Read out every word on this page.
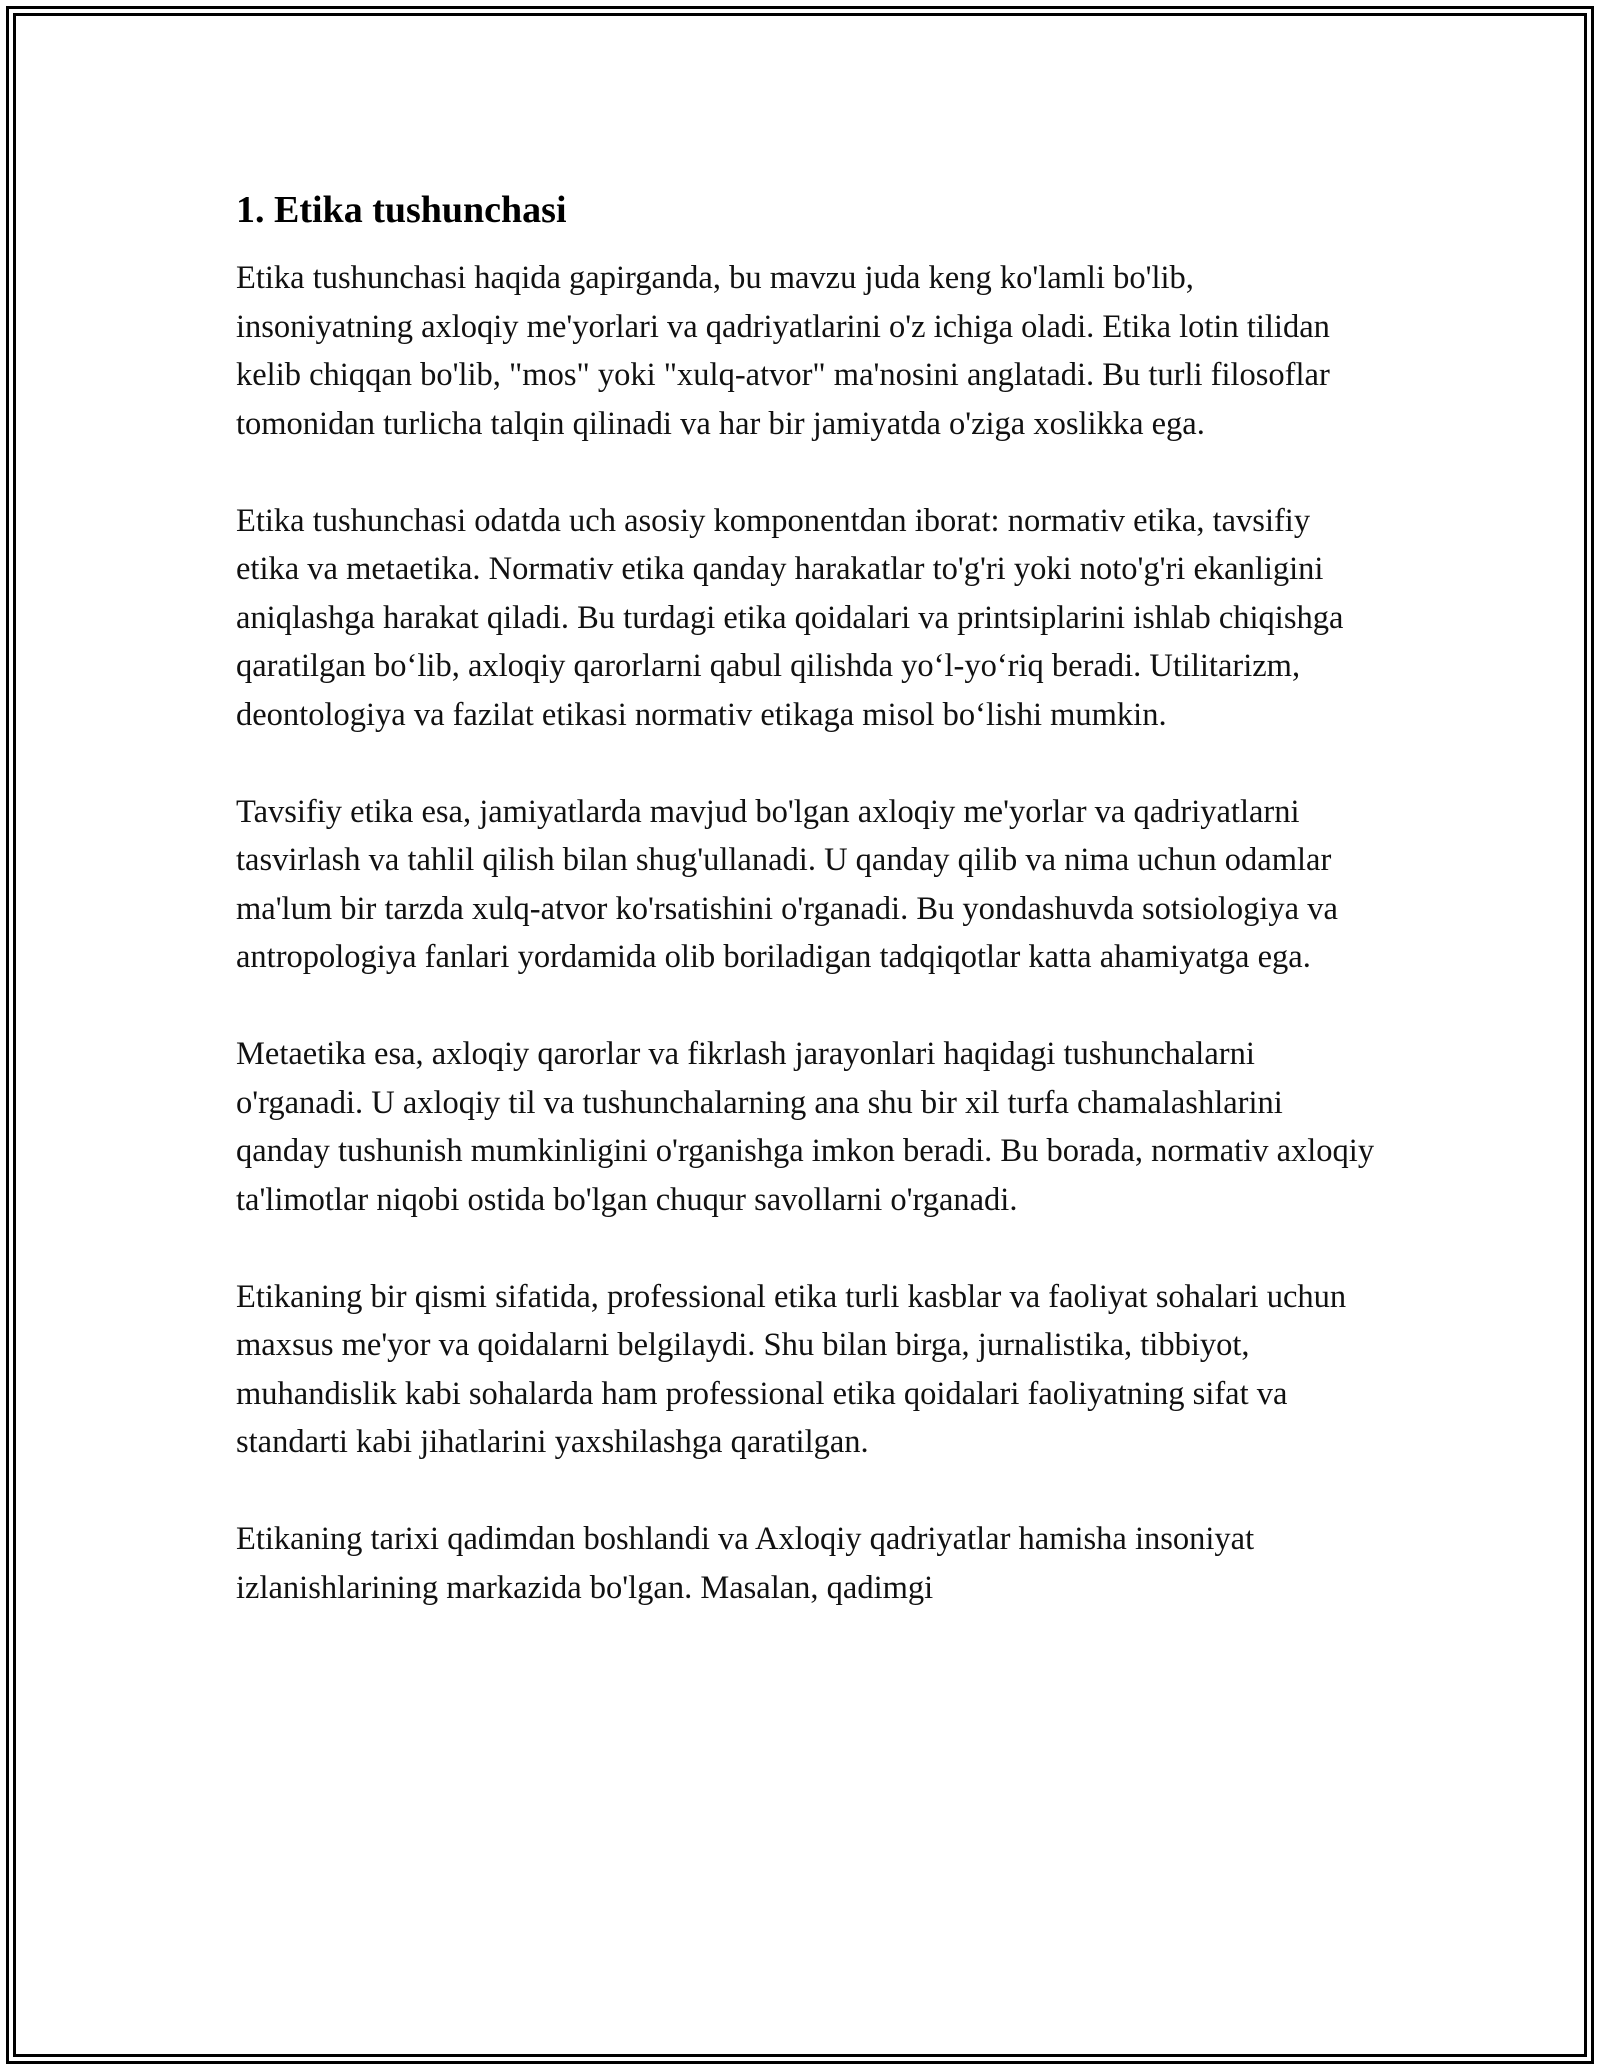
1. Etika tushunchasi

Etika tushunchasi haqida gapirganda, bu mavzu juda keng ko'lamli bo'lib, insoniyatning axloqiy me'yorlari va qadriyatlarini o'z ichiga oladi. Etika lotin tilidan kelib chiqqan bo'lib, "mos" yoki "xulq-atvor" ma'nosini anglatadi. Bu turli filosoflar tomonidan turlicha talqin qilinadi va har bir jamiyatda o'ziga xoslikka ega.

Etika tushunchasi odatda uch asosiy komponentdan iborat: normativ etika, tavsifiy etika va metaetika. Normativ etika qanday harakatlar to'g'ri yoki noto'g'ri ekanligini aniqlashga harakat qiladi. Bu turdagi etika qoidalari va printsiplarini ishlab chiqishga qaratilgan bo‘lib, axloqiy qarorlarni qabul qilishda yo‘l-yo‘riq beradi. Utilitarizm, deontologiya va fazilat etikasi normativ etikaga misol bo‘lishi mumkin.

Tavsifiy etika esa, jamiyatlarda mavjud bo'lgan axloqiy me'yorlar va qadriyatlarni tasvirlash va tahlil qilish bilan shug'ullanadi. U qanday qilib va nima uchun odamlar ma'lum bir tarzda xulq-atvor ko'rsatishini o'rganadi. Bu yondashuvda sotsiologiya va antropologiya fanlari yordamida olib boriladigan tadqiqotlar katta ahamiyatga ega.

Metaetika esa, axloqiy qarorlar va fikrlash jarayonlari haqidagi tushunchalarni o'rganadi. U axloqiy til va tushunchalarning ana shu bir xil turfa chamalashlarini qanday tushunish mumkinligini o'rganishga imkon beradi. Bu borada, normativ axloqiy ta'limotlar niqobi ostida bo'lgan chuqur savollarni o'rganadi.

Etikaning bir qismi sifatida, professional etika turli kasblar va faoliyat sohalari uchun maxsus me'yor va qoidalarni belgilaydi. Shu bilan birga, jurnalistika, tibbiyot, muhandislik kabi sohalarda ham professional etika qoidalari faoliyatning sifat va standarti kabi jihatlarini yaxshilashga qaratilgan.

Etikaning tarixi qadimdan boshlandi va Axloqiy qadriyatlar hamisha insoniyat izlanishlarining markazida bo'lgan. Masalan, qadimgi
